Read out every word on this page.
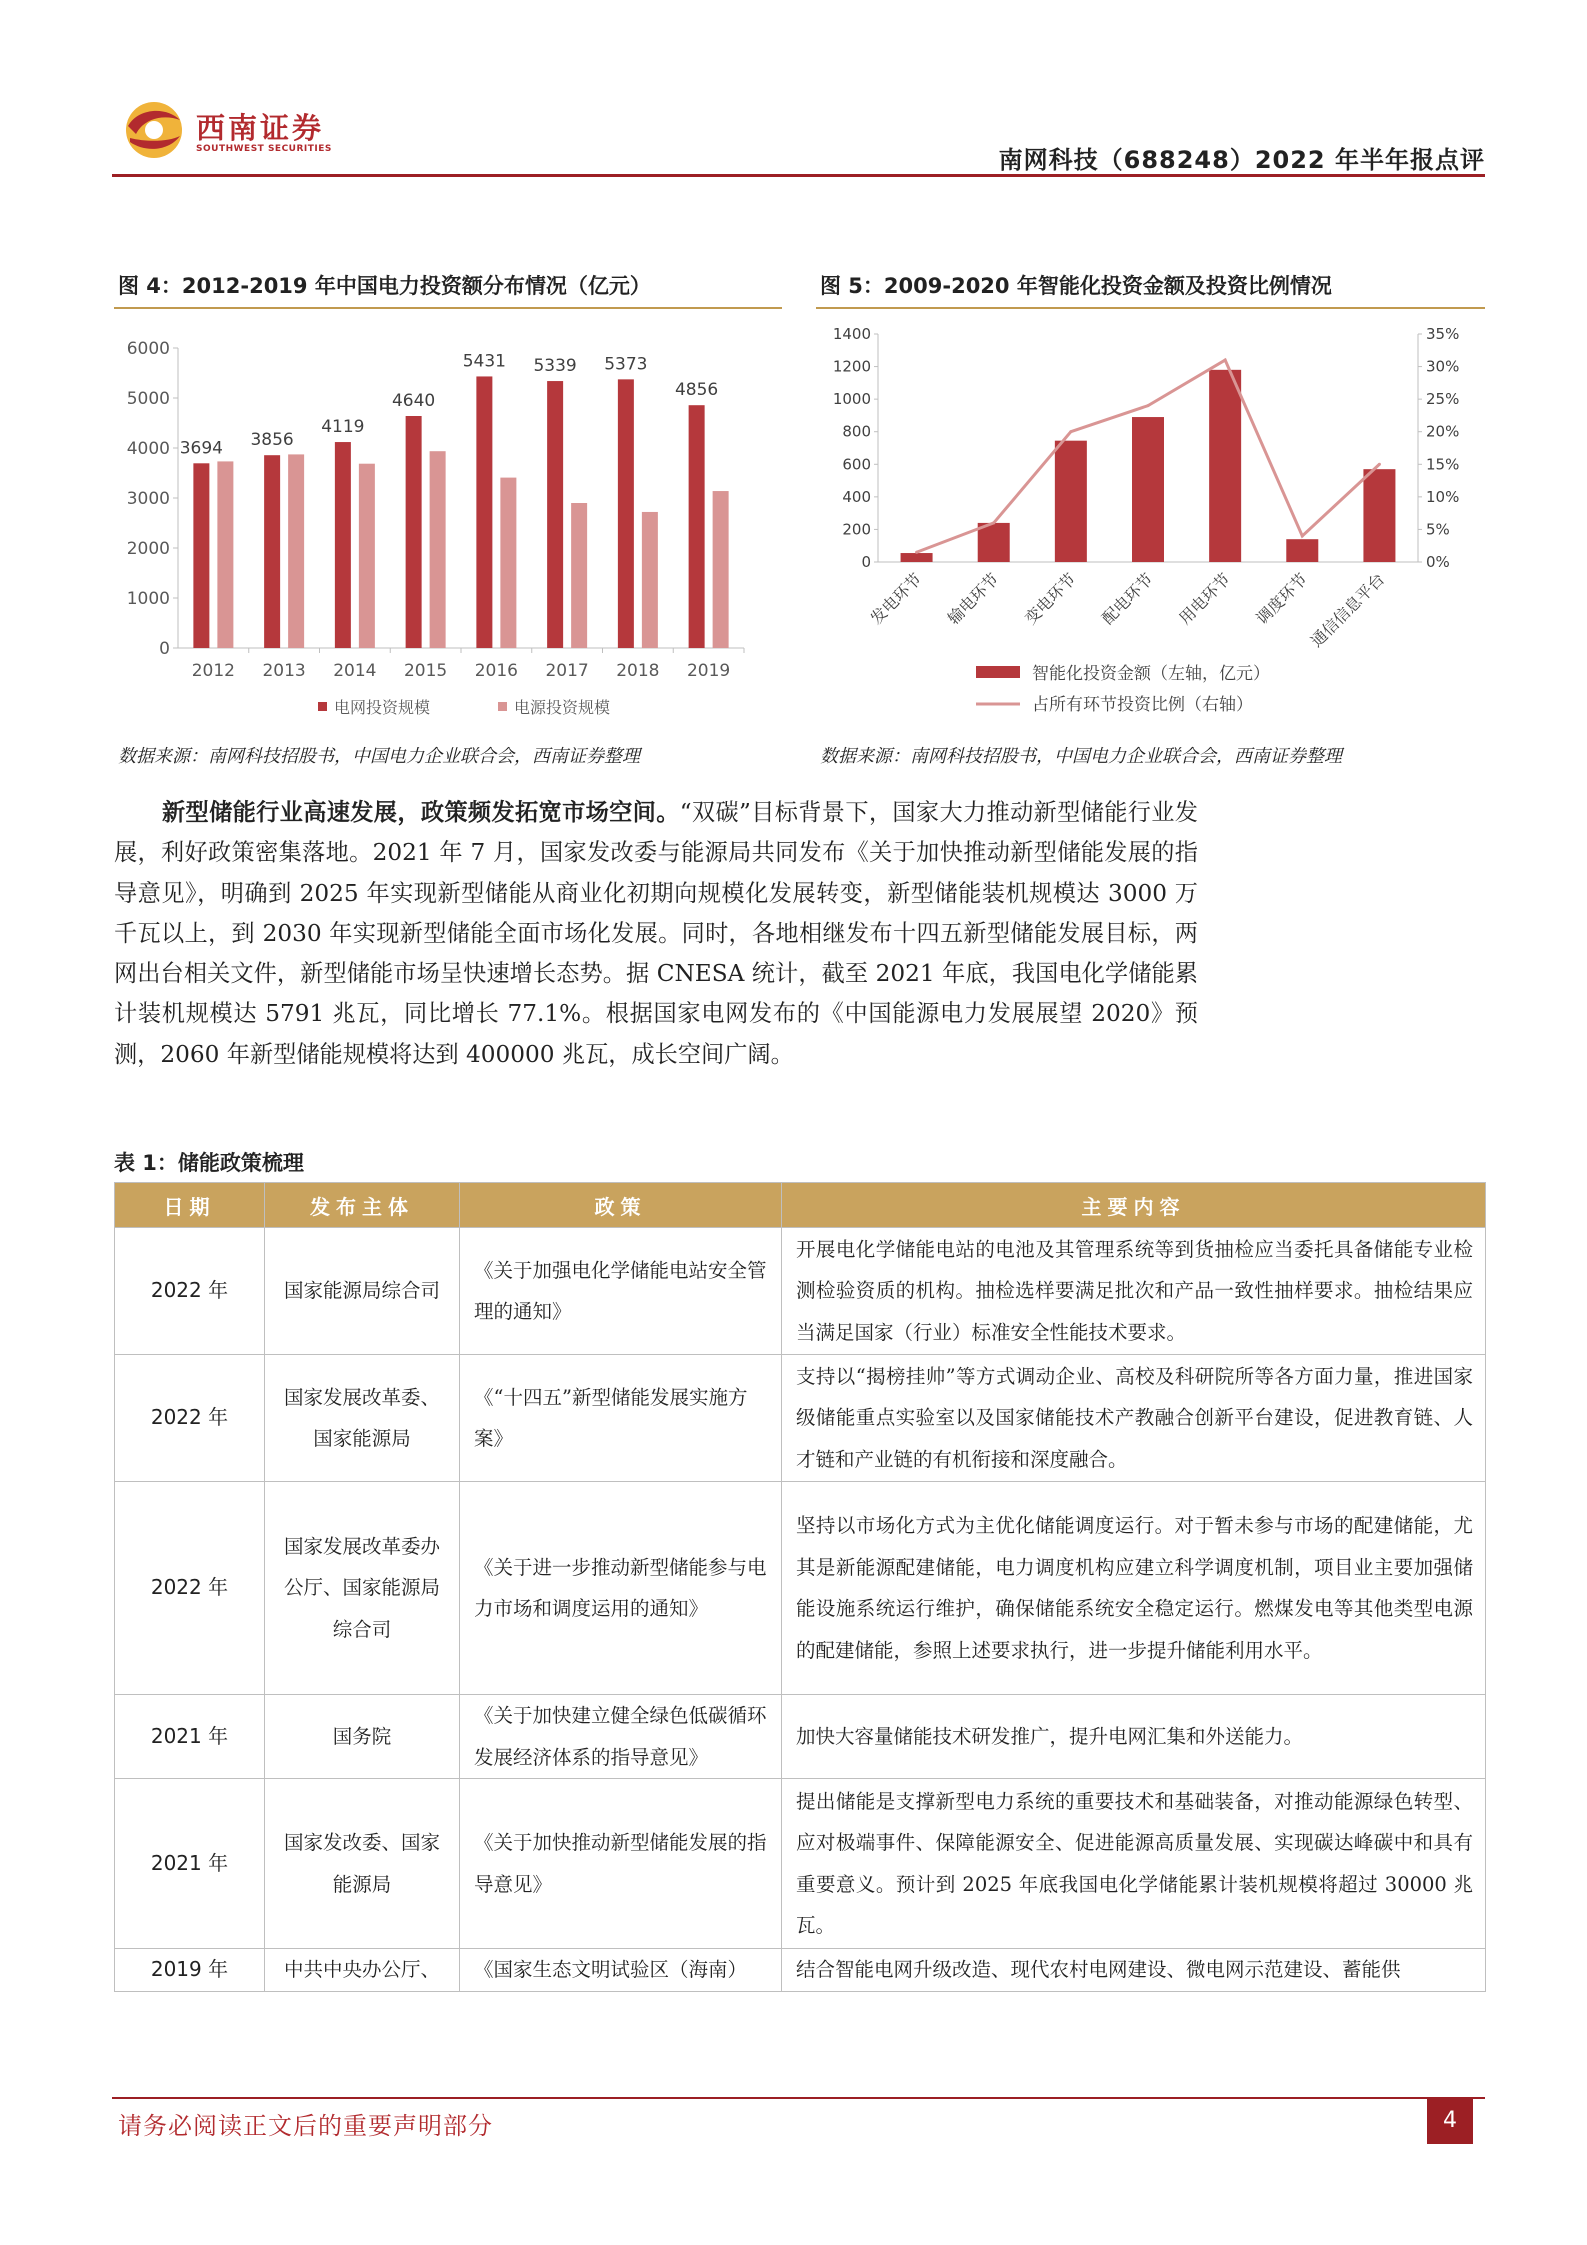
西南证券
SOUTHWEST SECURITIES	南网科技（688248）2022 年半年报点评
图 4：2012-2019 年中国电力投资额分布情况（亿元）
0
1000
2000
3000
4000
5000
6000
2012 2013 2014 2015 2016 2017 2018 2019
3694 3856
4119
4640
5431 5339 5373
4856
电网投资规模	电源投资规模
数据来源：南网科技招股书，中国电力企业联合会，西南证券整理
图 5：2009-2020 年智能化投资金额及投资比例情况
0
200
400
600
800
1000
1200
1400
0%
5%
10%
15%
20%
25%
30%
35%
发电环节 输电环节 变电环节 配电环节 用电环节 调度环节
通信信息平台
智能化投资金额（左轴，亿元）
占所有环节投资比例（右轴）
数据来源：南网科技招股书，中国电力企业联合会，西南证券整理
新型储能行业高速发展，政策频发拓宽市场空间。“双碳”目标背景下，国家大力推动新型储能行业发展，利好政策密集落地。2021 年 7 月，国家发改委与能源局共同发布《关于加快推动新型储能发展的指导意见》，明确到 2025 年实现新型储能从商业化初期向规模化发展转变，新型储能装机规模达 3000 万千瓦以上，到 2030 年实现新型储能全面市场化发展。同时，各地相继发布十四五新型储能发展目标，两网出台相关文件，新型储能市场呈快速增长态势。据 CNESA 统计，截至 2021 年底，我国电化学储能累计装机规模达 5791 兆瓦，同比增长 77.1%。根据国家电网发布的《中国能源电力发展展望 2020》预测，2060 年新型储能规模将达到 400000 兆瓦，成长空间广阔。
表 1：储能政策梳理
日期	发布主体	政策	主要内容
2022 年	国家能源局综合司	《关于加强电化学储能电站安全管理的通知》	开展电化学储能电站的电池及其管理系统等到货抽检应当委托具备储能专业检测检验资质的机构。抽检选样要满足批次和产品一致性抽样要求。抽检结果应当满足国家（行业）标准安全性能技术要求。
2022 年	国家发展改革委、国家能源局	《“十四五”新型储能发展实施方案》	支持以“揭榜挂帅”等方式调动企业、高校及科研院所等各方面力量，推进国家级储能重点实验室以及国家储能技术产教融合创新平台建设，促进教育链、人才链和产业链的有机衔接和深度融合。
2022 年	国家发展改革委办公厅、国家能源局综合司	《关于进一步推动新型储能参与电力市场和调度运用的通知》	坚持以市场化方式为主优化储能调度运行。对于暂未参与市场的配建储能，尤其是新能源配建储能，电力调度机构应建立科学调度机制，项目业主要加强储能设施系统运行维护，确保储能系统安全稳定运行。燃煤发电等其他类型电源的配建储能，参照上述要求执行，进一步提升储能利用水平。
2021 年	国务院	《关于加快建立健全绿色低碳循环发展经济体系的指导意见》	加快大容量储能技术研发推广，提升电网汇集和外送能力。
2021 年	国家发改委、国家能源局	《关于加快推动新型储能发展的指导意见》	提出储能是支撑新型电力系统的重要技术和基础装备，对推动能源绿色转型、应对极端事件、保障能源安全、促进能源高质量发展、实现碳达峰碳中和具有重要意义。预计到 2025 年底我国电化学储能累计装机规模将超过 30000 兆瓦。
2019 年	中共中央办公厅、	《国家生态文明试验区（海南）	结合智能电网升级改造、现代农村电网建设、微电网示范建设、蓄能供
请务必阅读正文后的重要声明部分	4
